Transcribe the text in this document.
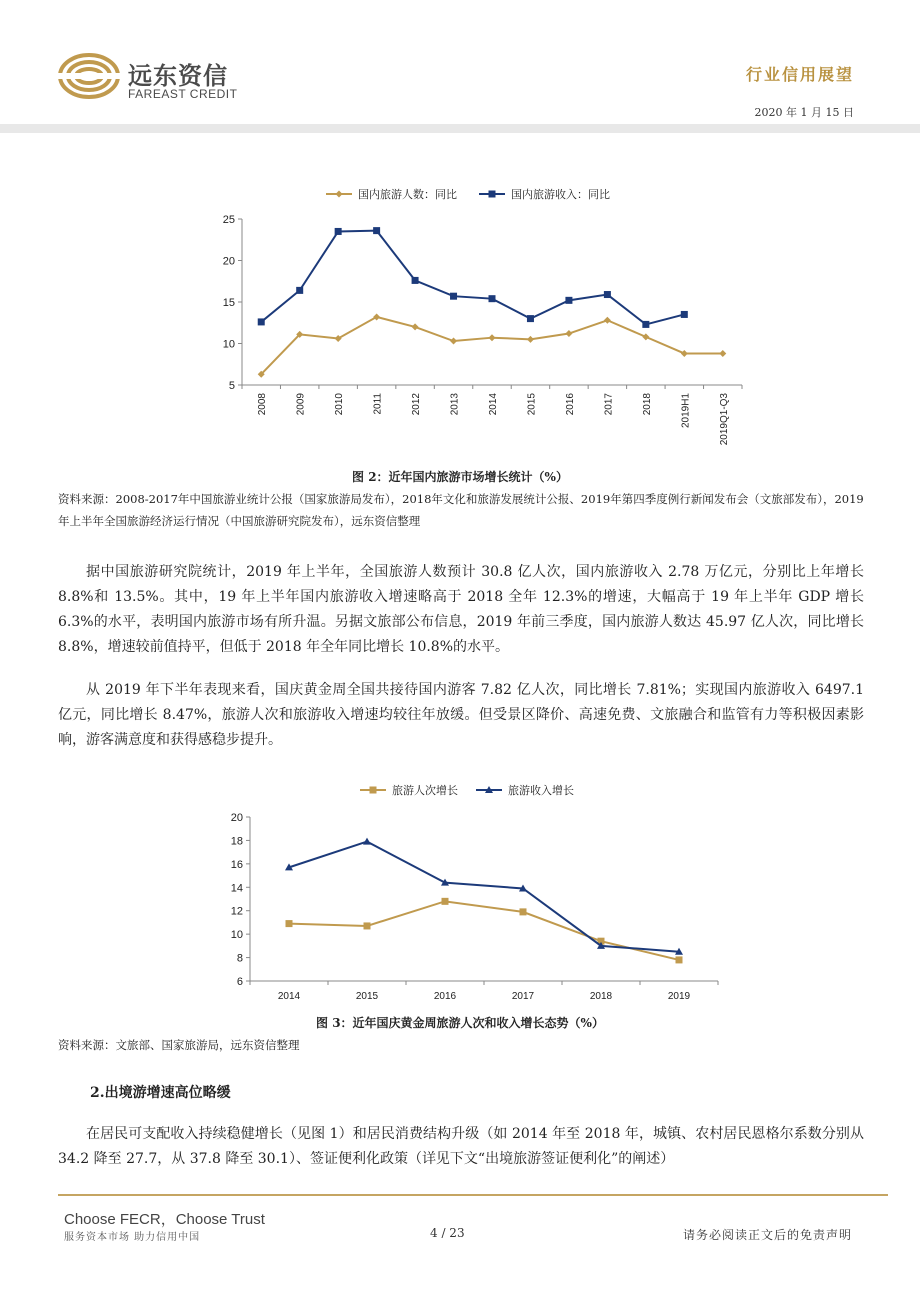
远东资信
FAREAST CREDIT
行业信用展望
2020 年 1 月 15 日
国内旅游人数：同比	国内旅游收入：同比
5
10
15
20
25
2008	2009	2010	2011	2012	2013	2014	2015	2016	2017	2018	2019H1	2019Q1-Q3
图 2：近年国内旅游市场增长统计（%）
资料来源：2008-2017年中国旅游业统计公报（国家旅游局发布），2018年文化和旅游发展统计公报、2019年第四季度例行新闻发布会（文旅部发布），2019年上半年全国旅游经济运行情况（中国旅游研究院发布），远东资信整理

据中国旅游研究院统计，2019 年上半年，全国旅游人数预计 30.8 亿人次，国内旅游收入 2.78 万亿元，分别比上年增长 8.8%和 13.5%。其中，19 年上半年国内旅游收入增速略高于 2018 全年 12.3%的增速，大幅高于 19 年上半年 GDP 增长 6.3%的水平，表明国内旅游市场有所升温。另据文旅部公布信息，2019 年前三季度，国内旅游人数达 45.97 亿人次，同比增长 8.8%，增速较前值持平，但低于 2018 年全年同比增长 10.8%的水平。

从 2019 年下半年表现来看，国庆黄金周全国共接待国内游客 7.82 亿人次，同比增长 7.81%；实现国内旅游收入 6497.1 亿元，同比增长 8.47%，旅游人次和旅游收入增速均较往年放缓。但受景区降价、高速免费、文旅融合和监管有力等积极因素影响，游客满意度和获得感稳步提升。

旅游人次增长	旅游收入增长
6
8
10
12
14
16
18
20
2014	2015	2016	2017	2018	2019
图 3：近年国庆黄金周旅游人次和收入增长态势（%）
资料来源：文旅部、国家旅游局，远东资信整理
2.出境游增速高位略缓

在居民可支配收入持续稳健增长（见图 1）和居民消费结构升级（如 2014 年至 2018 年，城镇、农村居民恩格尔系数分别从 34.2 降至 27.7，从 37.8 降至 30.1）、签证便利化政策（详见下文“出境旅游签证便利化”的阐述）

Choose FECR，Choose Trust
服务资本市场 助力信用中国	4 / 23	请务必阅读正文后的免责声明
